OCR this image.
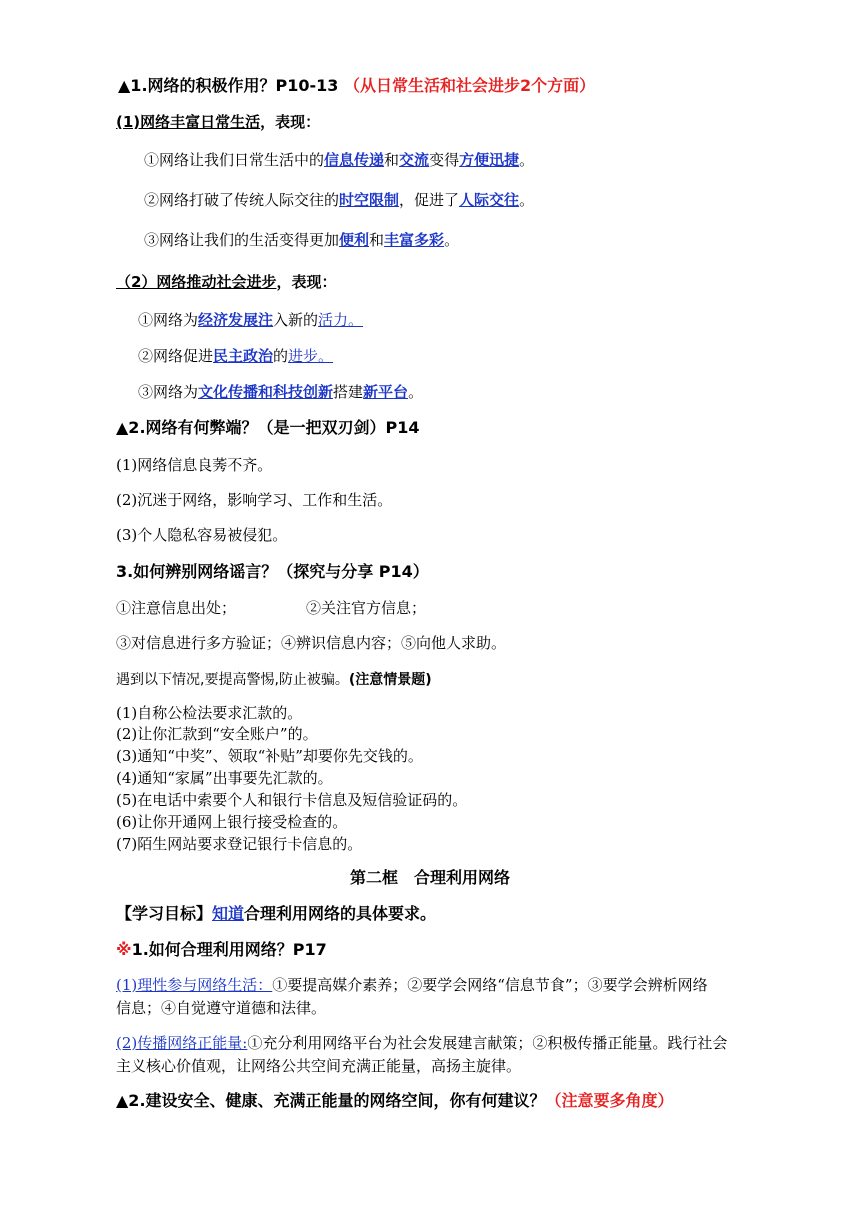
▲1.网络的积极作用？P10-13 （从日常生活和社会进步2个方面）
(1)网络丰富日常生活，表现：
①网络让我们日常生活中的信息传递和交流变得方便迅捷。
②网络打破了传统人际交往的时空限制，促进了人际交往。
③网络让我们的生活变得更加便利和丰富多彩。
（2）网络推动社会进步，表现：
①网络为经济发展注入新的活力。
②网络促进民主政治的进步。
③网络为文化传播和科技创新搭建新平台。
▲2.网络有何弊端？（是一把双刃剑）P14
(1)网络信息良莠不齐。
(2)沉迷于网络，影响学习、工作和生活。
(3)个人隐私容易被侵犯。
3.如何辨别网络谣言？（探究与分享 P14）
①注意信息出处；	②关注官方信息；
③对信息进行多方验证；④辨识信息内容；⑤向他人求助。
遇到以下情况,要提高警惕,防止被骗。(注意情景题)
(1)自称公检法要求汇款的。
(2)让你汇款到“安全账户”的。
(3)通知“中奖”、领取“补贴”却要你先交钱的。
(4)通知“家属”出事要先汇款的。
(5)在电话中索要个人和银行卡信息及短信验证码的。
(6)让你开通网上银行接受检查的。
(7)陌生网站要求登记银行卡信息的。
第二框　合理利用网络
【学习目标】知道合理利用网络的具体要求。
※1.如何合理利用网络？P17
(1)理性参与网络生活：①要提高媒介素养；②要学会网络“信息节食”；③要学会辨析网络
信息；④自觉遵守道德和法律。
(2)传播网络正能量:①充分利用网络平台为社会发展建言献策；②积极传播正能量。践行社会
主义核心价值观，让网络公共空间充满正能量，高扬主旋律。
▲2.建设安全、健康、充满正能量的网络空间，你有何建议？（注意要多角度）
